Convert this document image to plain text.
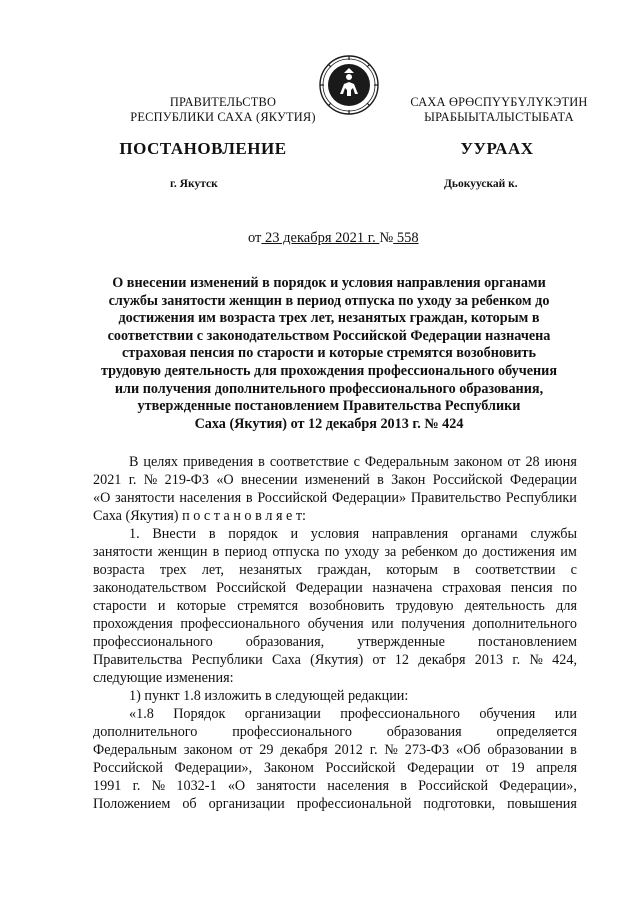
ПРАВИТЕЛЬСТВО
РЕСПУБЛИКИ САХА (ЯКУТИЯ)
САХА ӨРӨСПҮҮБҮЛҮКЭТИН
ЫРАБЫЫТАЛЫСТЫБАТА
ПОСТАНОВЛЕНИЕ	УУРААХ
г. Якутск	Дьокуускай к.
от 23 декабря 2021 г. № 558
О внесении изменений в порядок и условия направления органами
службы занятости женщин в период отпуска по уходу за ребенком до
достижения им возраста трех лет, незанятых граждан, которым в
соответствии с законодательством Российской Федерации назначена
страховая пенсия по старости и которые стремятся возобновить
трудовую деятельность для прохождения профессионального обучения
или получения дополнительного профессионального образования,
утвержденные постановлением Правительства Республики
Саха (Якутия) от 12 декабря 2013 г. № 424
В целях приведения в соответствие с Федеральным законом от 28 июня
2021 г. № 219-ФЗ «О внесении изменений в Закон Российской Федерации
«О занятости населения в Российской Федерации» Правительство Республики
Саха (Якутия) п о с т а н о в л я е т:
1. Внести в порядок и условия направления органами службы
занятости женщин в период отпуска по уходу за ребенком до достижения им
возраста трех лет, незанятых граждан, которым в соответствии с
законодательством Российской Федерации назначена страховая пенсия по
старости и которые стремятся возобновить трудовую деятельность для
прохождения профессионального обучения или получения дополнительного
профессионального образования, утвержденные постановлением
Правительства Республики Саха (Якутия) от 12 декабря 2013 г. № 424,
следующие изменения:
1) пункт 1.8 изложить в следующей редакции:
«1.8 Порядок организации профессионального обучения или
дополнительного профессионального образования определяется
Федеральным законом от 29 декабря 2012 г. № 273-ФЗ «Об образовании в
Российской Федерации», Законом Российской Федерации от 19 апреля
1991 г. № 1032-1 «О занятости населения в Российской Федерации»,
Положением об организации профессиональной подготовки, повышения
